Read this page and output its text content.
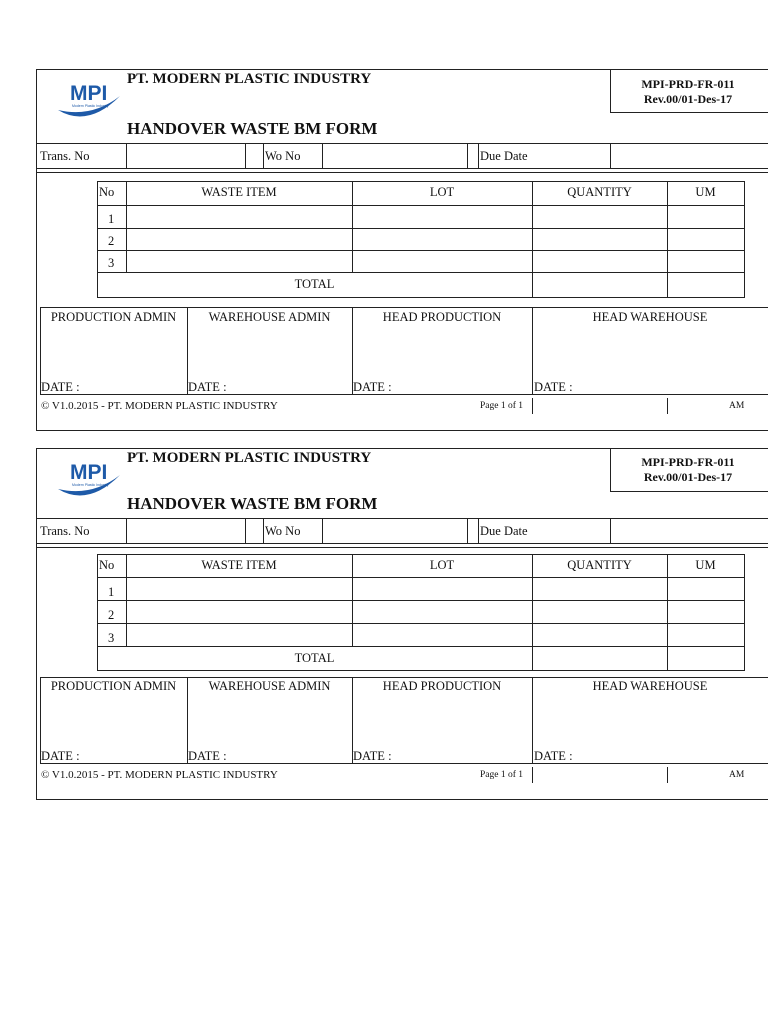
MPI
Modern Plastic Industry
PT. MODERN PLASTIC INDUSTRY
HANDOVER WASTE BM FORM
MPI-PRD-FR-011
Rev.00/01-Des-17
Trans. No	Wo No	Due Date
No	WASTE ITEM	LOT	QUANTITY	UM
1
2
3
TOTAL
PRODUCTION ADMIN	WAREHOUSE ADMIN	HEAD PRODUCTION	HEAD WAREHOUSE
DATE :	DATE :	DATE :	DATE :
© V1.0.2015 - PT. MODERN PLASTIC INDUSTRY	Page 1 of 1	AM
MPI
Modern Plastic Industry
PT. MODERN PLASTIC INDUSTRY
HANDOVER WASTE BM FORM
MPI-PRD-FR-011
Rev.00/01-Des-17
Trans. No	Wo No	Due Date
No	WASTE ITEM	LOT	QUANTITY	UM
1
2
3
TOTAL
PRODUCTION ADMIN	WAREHOUSE ADMIN	HEAD PRODUCTION	HEAD WAREHOUSE
DATE :	DATE :	DATE :	DATE :
© V1.0.2015 - PT. MODERN PLASTIC INDUSTRY	Page 1 of 1	AM
